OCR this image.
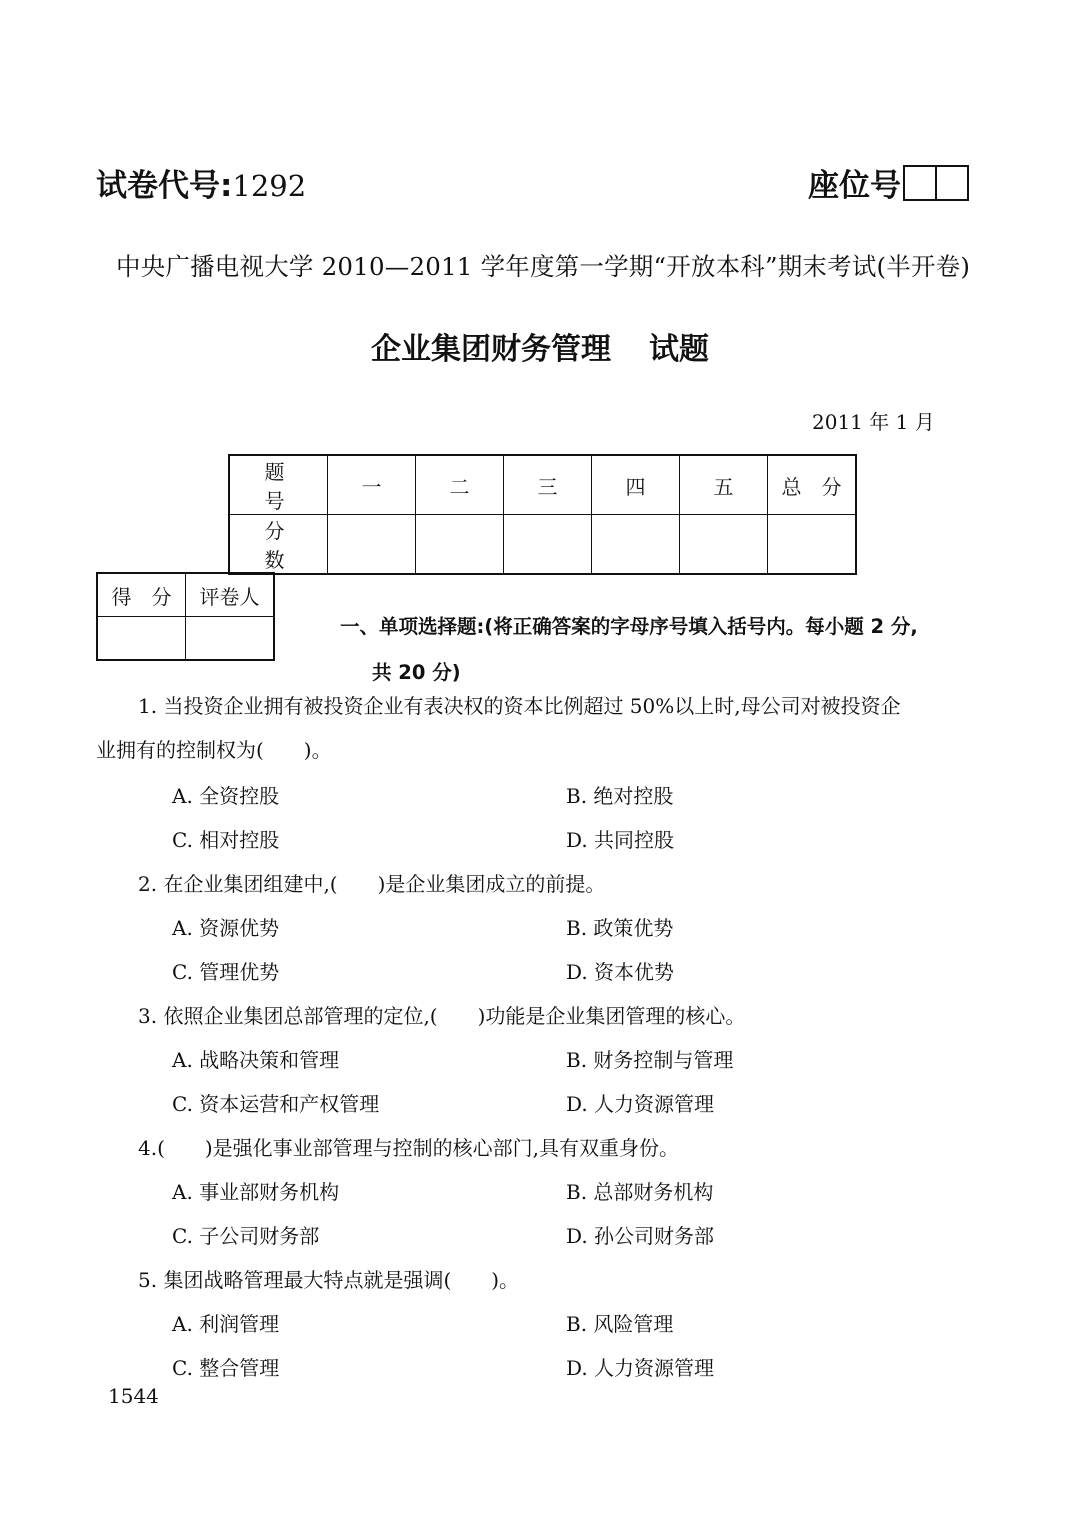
试卷代号:1292	座位号
中央广播电视大学 2010—2011 学年度第一学期“开放本科”期末考试(半开卷)
企业集团财务管理 试题
2011 年 1 月
题　号	一	二	三	四	五	总　分
分　数						
得　分	评卷人

一、单项选择题:(将正确答案的字母序号填入括号内。每小题 2 分,
共 20 分)
1. 当投资企业拥有被投资企业有表决权的资本比例超过 50%以上时,母公司对被投资企
业拥有的控制权为(　　)。
A. 全资控股	B. 绝对控股
C. 相对控股	D. 共同控股
2. 在企业集团组建中,(　　)是企业集团成立的前提。
A. 资源优势	B. 政策优势
C. 管理优势	D. 资本优势
3. 依照企业集团总部管理的定位,(　　)功能是企业集团管理的核心。
A. 战略决策和管理	B. 财务控制与管理
C. 资本运营和产权管理	D. 人力资源管理
4.(　　)是强化事业部管理与控制的核心部门,具有双重身份。
A. 事业部财务机构	B. 总部财务机构
C. 子公司财务部	D. 孙公司财务部
5. 集团战略管理最大特点就是强调(　　)。
A. 利润管理	B. 风险管理
C. 整合管理	D. 人力资源管理
1544
